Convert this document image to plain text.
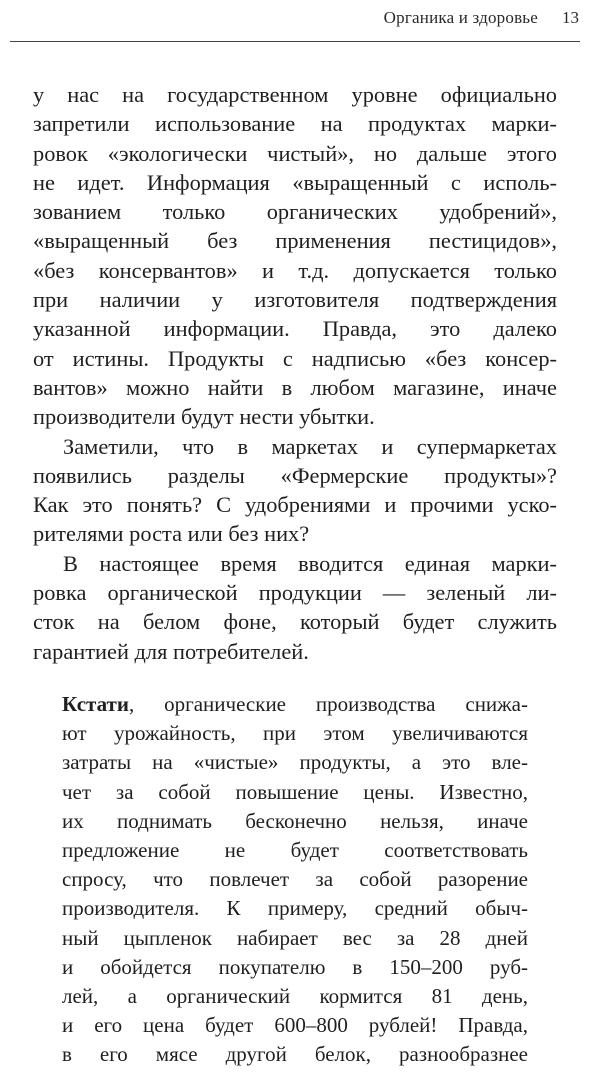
Органика и здоровье 13
у нас на государственном уровне официально
запретили использование на продуктах марки-
ровок «экологически чистый», но дальше этого
не идет. Информация «выращенный с исполь-
зованием только органических удобрений»,
«выращенный без применения пестицидов»,
«без консервантов» и т.д. допускается только
при наличии у изготовителя подтверждения
указанной информации. Правда, это далеко
от истины. Продукты с надписью «без консер-
вантов» можно найти в любом магазине, иначе
производители будут нести убытки.
Заметили, что в маркетах и супермаркетах
появились разделы «Фермерские продукты»?
Как это понять? С удобрениями и прочими уско-
рителями роста или без них?
В настоящее время вводится единая марки-
ровка органической продукции — зеленый ли-
сток на белом фоне, который будет служить
гарантией для потребителей.
Кстати, органические производства снижа-
ют урожайность, при этом увеличиваются
затраты на «чистые» продукты, а это вле-
чет за собой повышение цены. Известно,
их поднимать бесконечно нельзя, иначе
предложение не будет соответствовать
спросу, что повлечет за собой разорение
производителя. К примеру, средний обыч-
ный цыпленок набирает вес за 28 дней
и обойдется покупателю в 150–200 руб-
лей, а органический кормится 81 день,
и его цена будет 600–800 рублей! Правда,
в его мясе другой белок, разнообразнее
